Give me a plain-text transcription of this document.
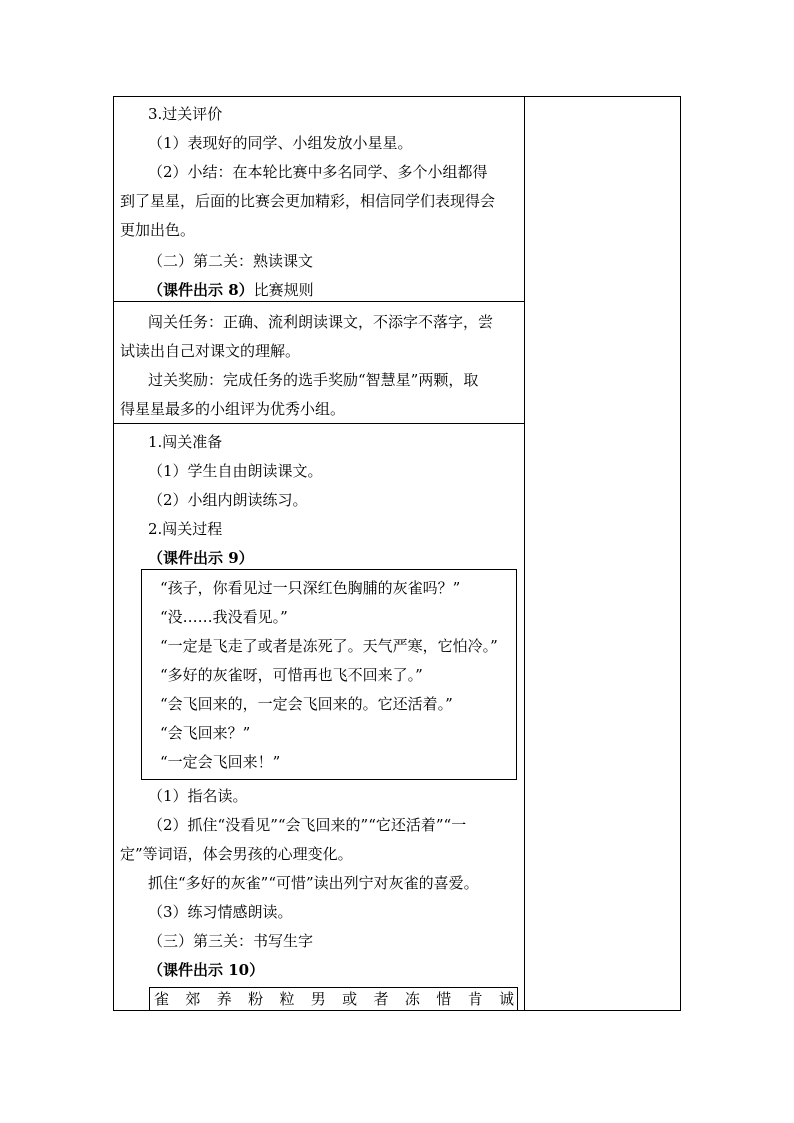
3.过关评价
（1）表现好的同学、小组发放小星星。
（2）小结：在本轮比赛中多名同学、多个小组都得
到了星星，后面的比赛会更加精彩，相信同学们表现得会
更加出色。
（二）第二关：熟读课文
（课件出示 8）比赛规则
闯关任务：正确、流利朗读课文，不添字不落字，尝
试读出自己对课文的理解。
过关奖励：完成任务的选手奖励“智慧星”两颗，取
得星星最多的小组评为优秀小组。
1.闯关准备
（1）学生自由朗读课文。
（2）小组内朗读练习。
2.闯关过程
（课件出示 9）
“孩子，你看见过一只深红色胸脯的灰雀吗？”
“没……我没看见。”
“一定是飞走了或者是冻死了。天气严寒，它怕冷。”
“多好的灰雀呀，可惜再也飞不回来了。”
“会飞回来的，一定会飞回来的。它还活着。”
“会飞回来？”
“一定会飞回来！”
（1）指名读。
（2）抓住“没看见”“会飞回来的”“它还活着”“一
定”等词语，体会男孩的心理变化。
抓住“多好的灰雀”“可惜”读出列宁对灰雀的喜爱。
（3）练习情感朗读。
（三）第三关：书写生字
（课件出示 10）
雀 郊 养 粉 粒 男 或 者 冻 惜 肯 诚
